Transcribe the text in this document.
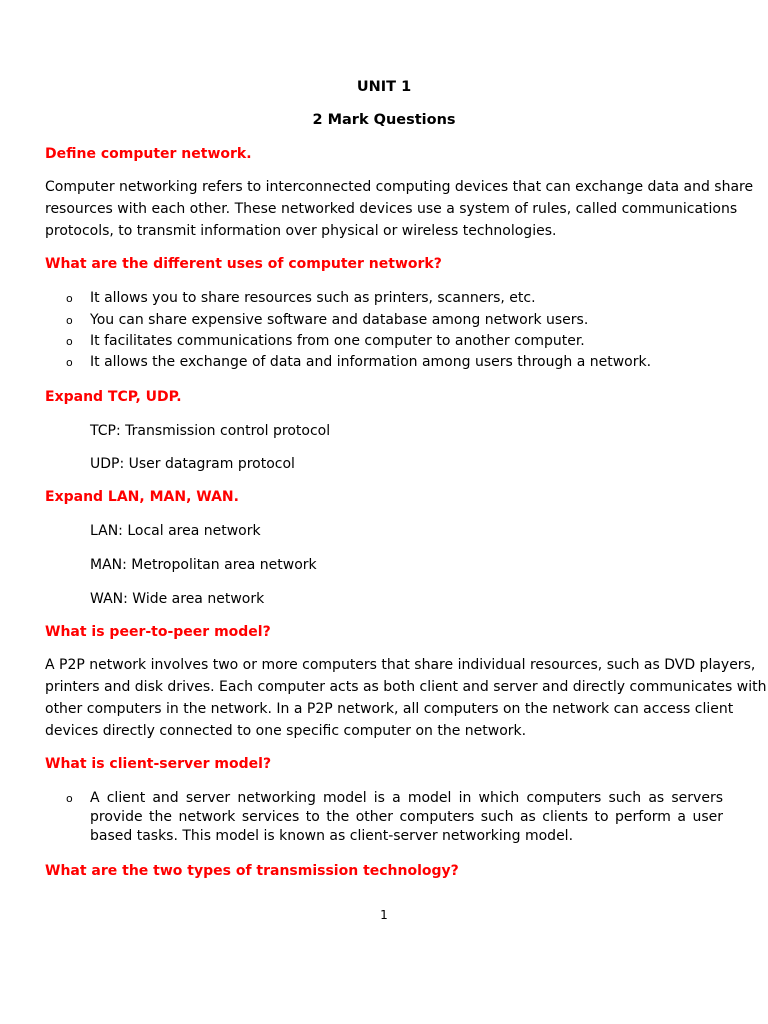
UNIT 1
2 Mark Questions
Define computer network.
Computer networking refers to interconnected computing devices that can exchange data and share
resources with each other. These networked devices use a system of rules, called communications
protocols, to transmit information over physical or wireless technologies.
What are the different uses of computer network?
o It allows you to share resources such as printers, scanners, etc.
o You can share expensive software and database among network users.
o It facilitates communications from one computer to another computer.
o It allows the exchange of data and information among users through a network.
Expand TCP, UDP.
TCP: Transmission control protocol
UDP: User datagram protocol
Expand LAN, MAN, WAN.
LAN: Local area network
MAN: Metropolitan area network
WAN: Wide area network
What is peer-to-peer model?
A P2P network involves two or more computers that share individual resources, such as DVD players,
printers and disk drives. Each computer acts as both client and server and directly communicates with
other computers in the network. In a P2P network, all computers on the network can access client
devices directly connected to one specific computer on the network.
What is client-server model?
o A client and server networking model is a model in which computers such as servers provide the network services to the other computers such as clients to perform a user based tasks. This model is known as client-server networking model.
What are the two types of transmission technology?
1
